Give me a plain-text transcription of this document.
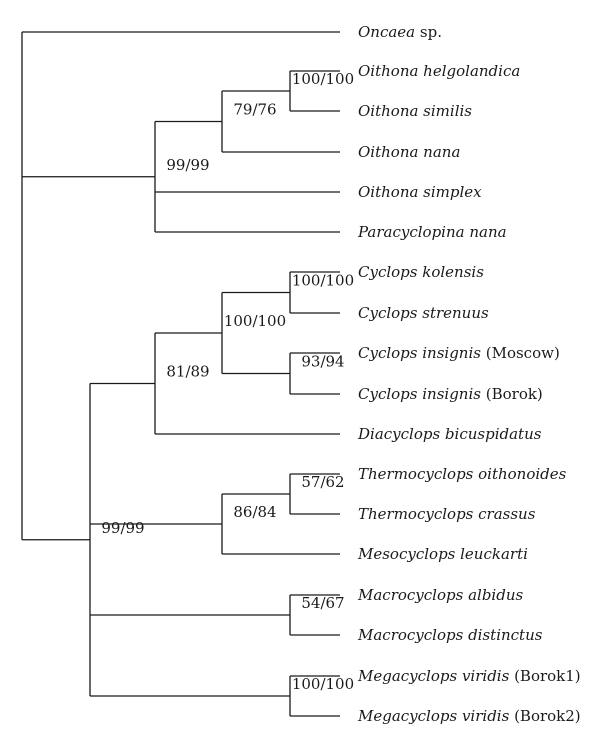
Oncaea sp.
Oithona helgolandica
Oithona similis
Oithona nana
Oithona simplex
Paracyclopina nana
Cyclops kolensis
Cyclops strenuus
Cyclops insignis (Moscow)
Cyclops insignis (Borok)
Diacyclops bicuspidatus
Thermocyclops oithonoides
Thermocyclops crassus
Mesocyclops leuckarti
Macrocyclops albidus
Macrocyclops distinctus
Megacyclops viridis (Borok1)
Megacyclops viridis (Borok2)
99/99
79/76
100/100
99/99
81/89
100/100
100/100
93/94
86/84
57/62
54/67
100/100
